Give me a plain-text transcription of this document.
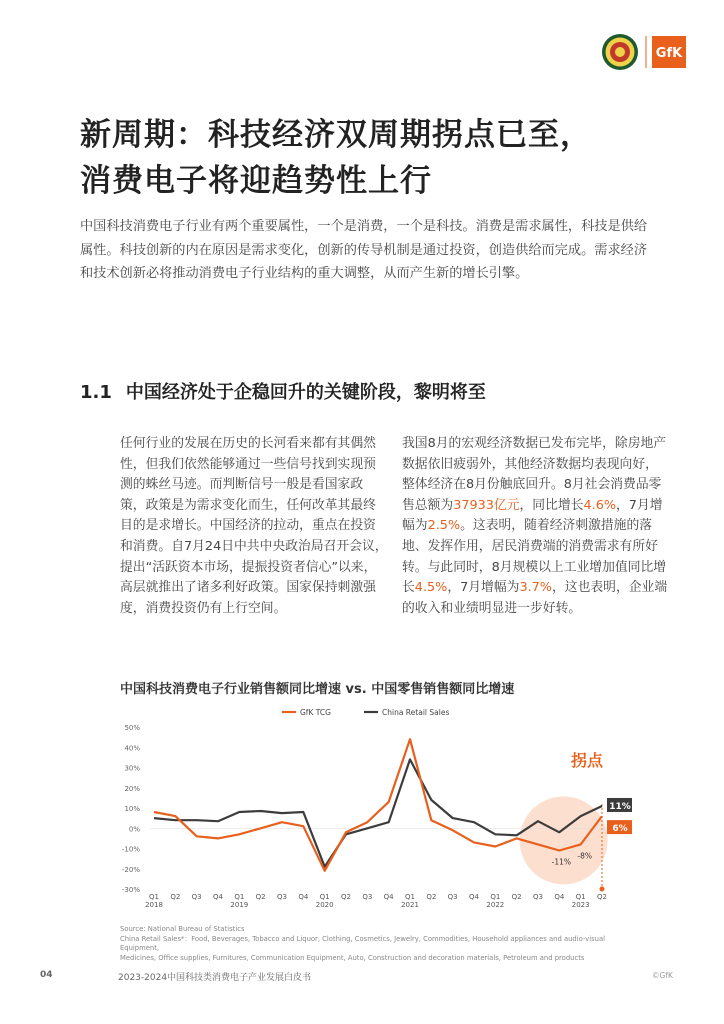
GfK
新周期：科技经济双周期拐点已至，
消费电子将迎趋势性上行
中国科技消费电子行业有两个重要属性，一个是消费，一个是科技。消费是需求属性，科技是供给属性。科技创新的内在原因是需求变化，创新的传导机制是通过投资，创造供给而完成。需求经济和技术创新必将推动消费电子行业结构的重大调整，从而产生新的增长引擎。
1.1 中国经济处于企稳回升的关键阶段，黎明将至
任何行业的发展在历史的长河看来都有其偶然性，但我们依然能够通过一些信号找到实现预测的蛛丝马迹。而判断信号一般是看国家政策，政策是为需求变化而生，任何改革其最终目的是求增长。中国经济的拉动，重点在投资和消费。自7月24日中共中央政治局召开会议，提出“活跃资本市场，提振投资者信心”以来，高层就推出了诸多利好政策。国家保持刺激强度，消费投资仍有上行空间。
我国8月的宏观经济数据已发布完毕，除房地产数据依旧疲弱外，其他经济数据均表现向好，整体经济在8月份触底回升。8月社会消费品零售总额为37933亿元，同比增长4.6%，7月增幅为2.5%。这表明，随着经济刺激措施的落地、发挥作用，居民消费端的消费需求有所好转。与此同时，8月规模以上工业增加值同比增长4.5%，7月增幅为3.7%，这也表明，企业端的收入和业绩明显进一步好转。
中国科技消费电子行业销售额同比增速 vs. 中国零售销售额同比增速
拐点
50%
40%
30%
20%
10%
0%
-10%
-20%
-30%
Q1 Q2 Q3 Q4 Q1 Q2 Q3 Q4 Q1 Q2 Q3 Q4 Q1 Q2 Q3 Q4 Q1 Q2 Q3 Q4 Q1 Q2
2018	2019	2020	2021	2022	2023
GfK TCG	China Retail Sales
11%
6%
-11%
-8%
Source: National Bureau of Statistics
China Retail Sales*：Food, Beverages, Tobacco and Liquor, Clothing, Cosmetics, Jewelry, Commodities, Household appliances and audio-visual Equipment,
Medicines, Office supplies, Furnitures, Communication Equipment, Auto, Construction and decoration materials, Petroleum and products
04	2023-2024中国科技类消费电子产业发展白皮书	©GfK
